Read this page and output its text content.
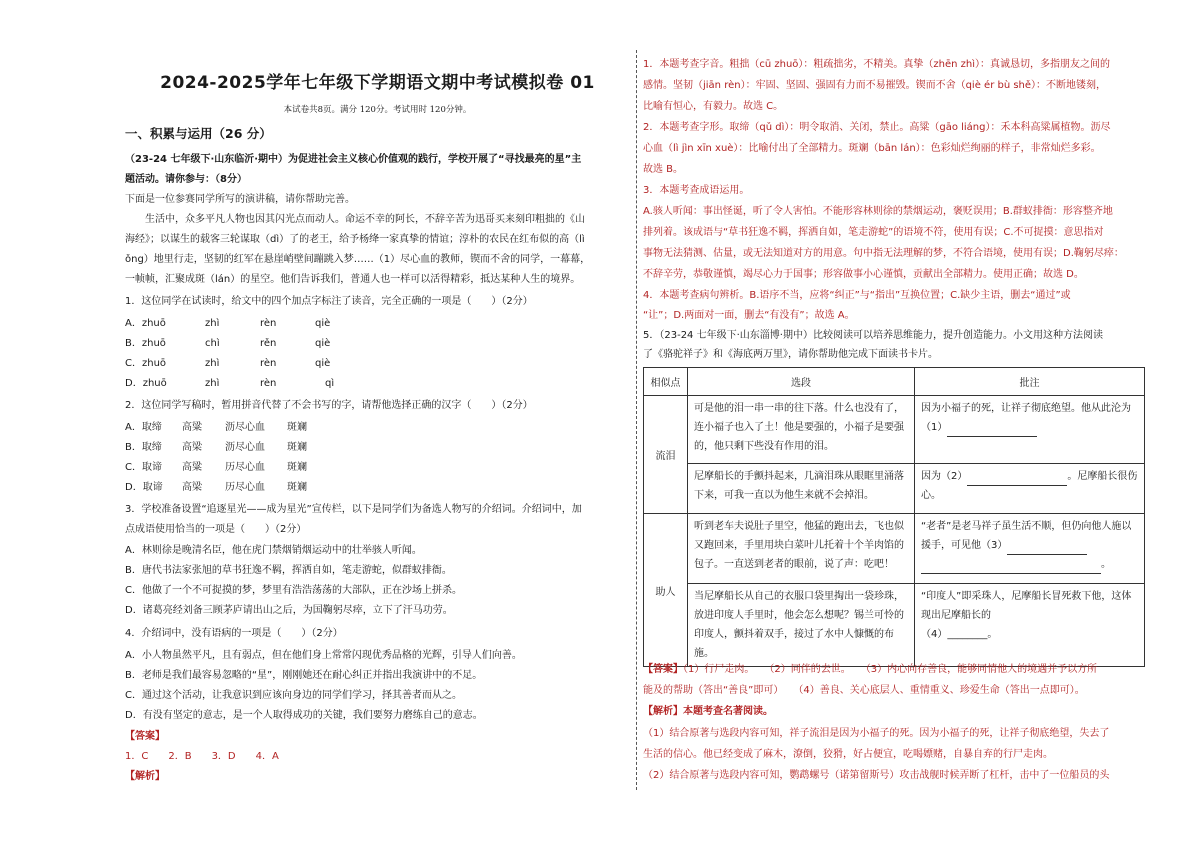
2024-2025学年七年级下学期语文期中考试模拟卷 01
本试卷共8页。满分 120分。考试用时 120分钟。
一、积累与运用（26 分）
（23-24 七年级下·山东临沂·期中）为促进社会主义核心价值观的践行，学校开展了“寻找最亮的星”主
题活动。请你参与：（8分）
下面是一位参赛同学所写的演讲稿，请你帮助完善。
生活中，众多平凡人物也因其闪光点而动人。命运不幸的阿长，不辞辛苦为迅哥买来刻印粗拙的《山
海经》；以谋生的载客三轮谋取（dì）了的老王，给予杨绛一家真挚的情谊；淳朴的农民在红布似的高（lì
ǒng）地里行走，坚韧的红军在悬崖峭壁间蹦跳入梦……（1）尽心血的教师，锲而不舍的同学，一幕幕，
一帧帧，汇聚成斑（lán）的星空。他们告诉我们，普通人也一样可以活得精彩，抵达某种人生的境界。
1．这位同学在试读时，给文中的四个加点字标注了读音，完全正确的一项是（　　）（2分）
A．zhuō	zhì	rèn	qiè
B．zhuō	chì	rěn	qiè
C．zhuō	zhì	rèn	qiè
D．zhuō	zhì	rèn	qì
2．这位同学写稿时，暂用拼音代替了不会书写的字，请帮他选择正确的汉字（　　）（2分）
A．取缔	高粱	沥尽心血	斑斓
B．取缔	高梁	沥尽心血	斑斓
C．取谛	高粱	历尽心血	斑斓
D．取谛	高梁	历尽心血	斑斓
3．学校准备设置“追逐星光——成为星光”宣传栏，以下是同学们为备选人物写的介绍词。介绍词中，加
点成语使用恰当的一项是（　　）（2分）
A．林则徐是晚清名臣，他在虎门禁烟销烟运动中的壮举骇人听闻。
B．唐代书法家张旭的草书狂逸不羁，挥洒自如，笔走游蛇，似群蚁排衙。
C．他做了一个不可捉摸的梦，梦里有浩浩荡荡的大部队，正在沙场上拼杀。
D．诸葛亮经刘备三顾茅庐请出山之后，为国鞠躬尽瘁，立下了汗马功劳。
4．介绍词中，没有语病的一项是（　　）（2分）
A．小人物虽然平凡，且有弱点，但在他们身上常常闪现优秀品格的光辉，引导人们向善。
B．老师是我们最容易忽略的“星”，刚刚她还在耐心纠正并指出我演讲中的不足。
C．通过这个活动，让我意识到应该向身边的同学们学习，择其善者而从之。
D．有没有坚定的意志，是一个人取得成功的关键，我们要努力磨练自己的意志。
【答案】
1．C　　2．B　　3．D　　4．A
【解析】
1．本题考查字音。粗拙（cū zhuō）：粗疏拙劣，不精美。真挚（zhēn zhì）：真诚恳切，多指朋友之间的
感情。坚韧（jiān rèn）：牢固、坚固、强固有力而不易摧毁。锲而不舍（qiè ér bù shě）：不断地镂刻，
比喻有恒心，有毅力。故选 C。
2．本题考查字形。取缔（qǔ dì）：明令取消、关闭，禁止。高粱（gāo liáng）：禾本科高粱属植物。沥尽
心血（lì jìn xīn xuè）：比喻付出了全部精力。斑斓（bān lán）：色彩灿烂绚丽的样子，非常灿烂多彩。
故选 B。
3．本题考查成语运用。
A.骇人听闻：事出怪诞，听了令人害怕。不能形容林则徐的禁烟运动，褒贬误用；B.群蚁排衙：形容整齐地
排列着。该成语与“草书狂逸不羁，挥洒自如，笔走游蛇”的语境不符，使用有误；C.不可捉摸：意思指对
事物无法猜测、估量，或无法知道对方的用意。句中指无法理解的梦，不符合语境，使用有误；D.鞠躬尽瘁：
不辞辛劳，恭敬谨慎，竭尽心力于国事；形容做事小心谨慎，贡献出全部精力。使用正确；故选 D。
4．本题考查病句辨析。B.语序不当，应将“纠正”与“指出”互换位置；C.缺少主语，删去“通过”或
“让”；D.两面对一面，删去“有没有”；故选 A。
5．（23-24 七年级下·山东淄博·期中）比较阅读可以培养思维能力，提升创造能力。小文用这种方法阅读
了《骆驼祥子》和《海底两万里》，请你帮助他完成下面读书卡片。
相似点	选段	批注
流泪	可是他的泪一串一串的往下落。什么也没有了，连小福子也入了土！他是要强的，小福子是要强的，他只剩下些没有作用的泪。	因为小福子的死，让祥子彻底绝望。他从此沦为（1）
	尼摩船长的手颤抖起来，几滴泪珠从眼眶里涌落下来，可我一直以为他生来就不会掉泪。	因为（2） 。尼摩船长很伤心。
助人	听到老车夫说肚子里空，他猛的跑出去，飞也似又跑回来，手里用块白菜叶儿托着十个羊肉馅的包子。一直送到老者的眼前，说了声：吃吧！	“老者”是老马祥子虽生活不顺，但仍向他人施以援手，可见他（3）。
	当尼摩船长从自己的衣服口袋里掏出一袋珍珠，放进印度人手里时，他会怎么想呢？锡兰可怜的印度人，颤抖着双手，接过了水中人慷慨的布施。	“印度人”即采珠人，尼摩船长冒死救下他，这体现出尼摩船长的
（4）________。
【答案】（1）行尸走肉。　　（2）同伴的去世。　　（3）内心向存善良，能够同情他人的境遇并予以方所
能及的帮助（答出“善良”即可）　　（4）善良、关心底层人、重情重义、珍爱生命（答出一点即可）。
【解析】本题考查名著阅读。
（1）结合原著与选段内容可知，祥子流泪是因为小福子的死。因为小福子的死，让祥子彻底绝望，失去了
生活的信心。他已经变成了麻木，潦倒，狡猾，好占便宜，吃喝嫖赌，自暴自弃的行尸走肉。
（2）结合原著与选段内容可知，鹦鹉螺号（诺第留斯号）攻击战舰时候弄断了杠杆，击中了一位船员的头
